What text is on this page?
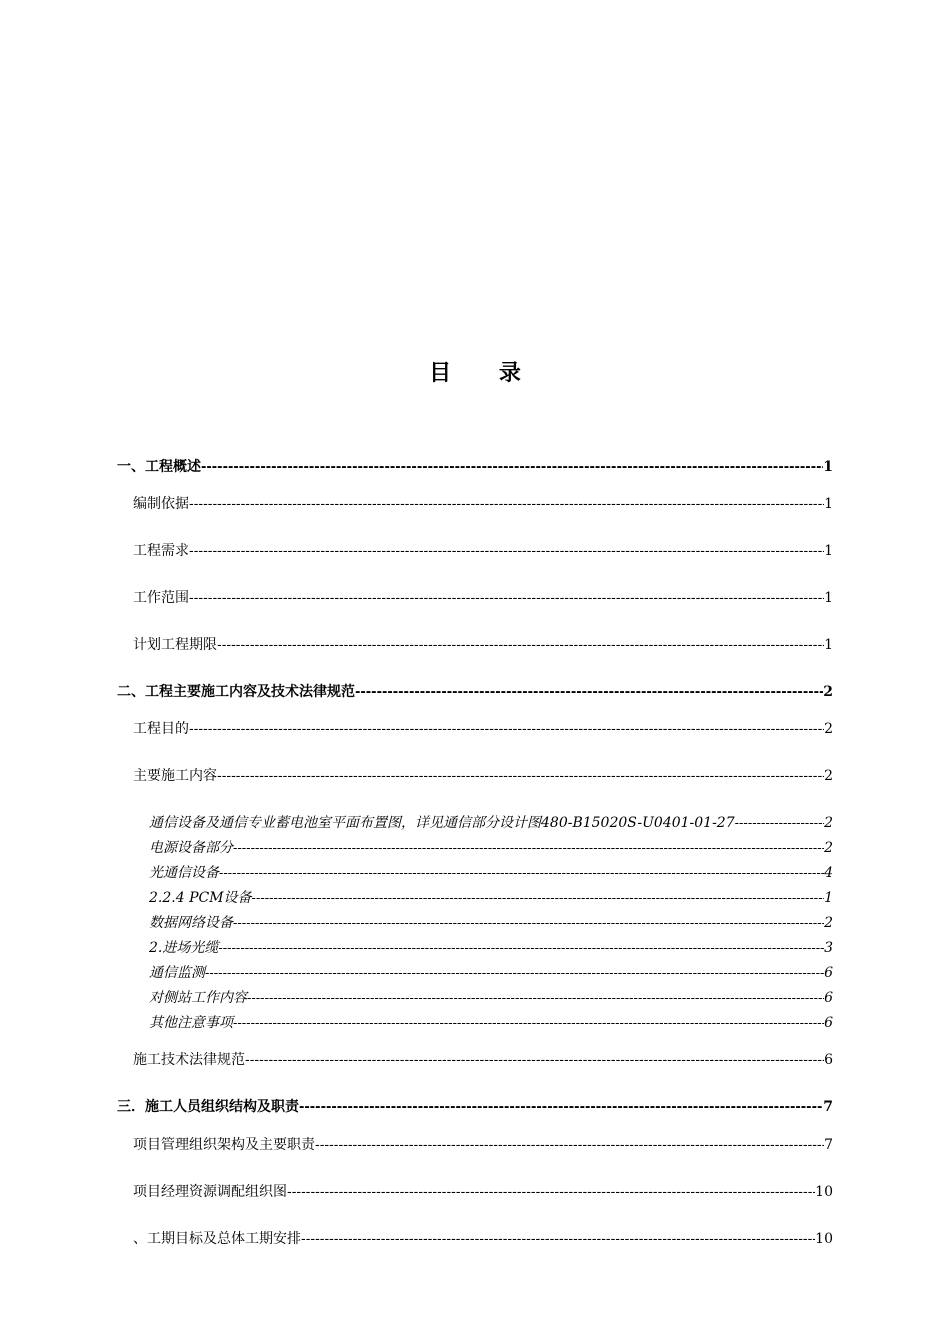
目 录
一、工程概述 -----	1
编制依据 -----	1
工程需求 -----	1
工作范围 -----	1
计划工程期限 -----	1
二、工程主要施工内容及技术法律规范 -----	2
工程目的 -----	2
主要施工内容 -----	2
通信设备及通信专业蓄电池室平面布置图，详见通信部分设计图480-B15020S-U0401-01-27 -----	2
电源设备部分 -----	2
光通信设备 -----	4
2.2.4 PCM设备 -----	1
数据网络设备 -----	2
2.进场光缆 -----	3
通信监测 -----	6
对侧站工作内容 -----	6
其他注意事项 -----	6
施工技术法律规范 -----	6
三．施工人员组织结构及职责 -----	7
项目管理组织架构及主要职责 -----	7
项目经理资源调配组织图 -----	10
、工期目标及总体工期安排 -----	10
